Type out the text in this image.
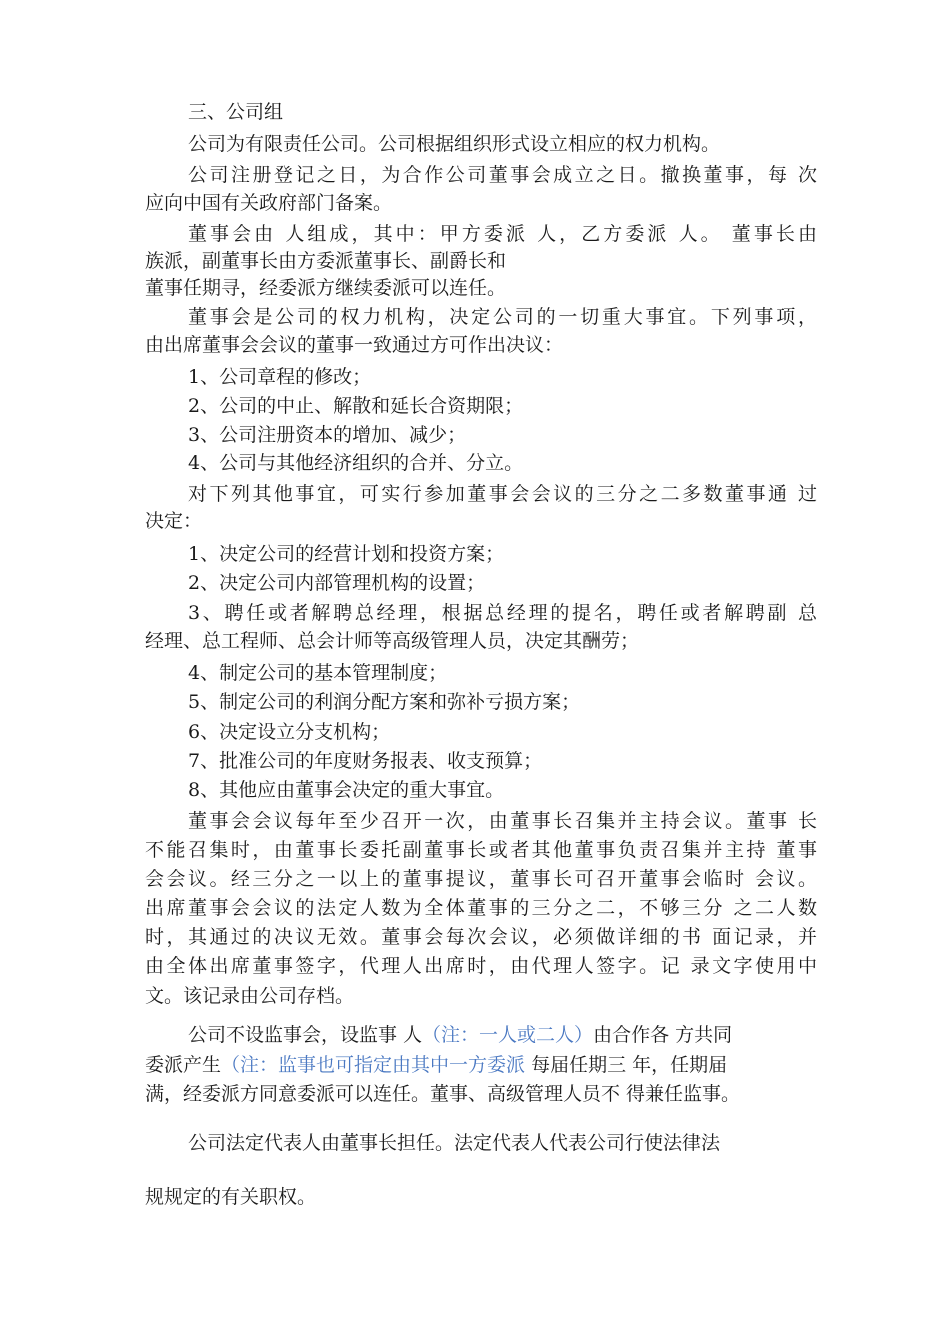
三、公司组
公司为有限责任公司。公司根据组织形式设立相应的权力机构。
公司注册登记之日，为合作公司董事会成立之日。撤换董事，每 次
应向中国有关政府部门备案。
董事会由 人组成，其中：甲方委派 人，乙方委派 人。 董事长由
族派，副董事长由方委派董事长、副爵长和
董事任期寻，经委派方继续委派可以连任。
董事会是公司的权力机构，决定公司的一切重大事宜。下列事项，
由出席董事会会议的董事一致通过方可作出决议：
1、公司章程的修改；
2、公司的中止、解散和延长合资期限；
3、公司注册资本的增加、减少；
4、公司与其他经济组织的合并、分立。
对下列其他事宜，可实行参加董事会会议的三分之二多数董事通 过
决定：
1、决定公司的经营计划和投资方案；
2、决定公司内部管理机构的设置；
3、聘任或者解聘总经理，根据总经理的提名，聘任或者解聘副 总
经理、总工程师、总会计师等高级管理人员，决定其酬劳；
4、制定公司的基本管理制度；
5、制定公司的利润分配方案和弥补亏损方案；
6、决定设立分支机构；
7、批准公司的年度财务报表、收支预算；
8、其他应由董事会决定的重大事宜。
董事会会议每年至少召开一次，由董事长召集并主持会议。董事 长
不能召集时，由董事长委托副董事长或者其他董事负责召集并主持 董事
会会议。经三分之一以上的董事提议，董事长可召开董事会临时 会议。
出席董事会会议的法定人数为全体董事的三分之二，不够三分 之二人数
时，其通过的决议无效。董事会每次会议，必须做详细的书 面记录，并
由全体出席董事签字，代理人出席时，由代理人签字。记 录文字使用中
文。该记录由公司存档。
公司不设监事会，设监事 人（注：一人或二人）由合作各 方共同
委派产生（注：监事也可指定由其中一方委派 每届任期三 年，任期届
满，经委派方同意委派可以连任。董事、高级管理人员不 得兼任监事。
公司法定代表人由董事长担任。法定代表人代表公司行使法律法
规规定的有关职权。
